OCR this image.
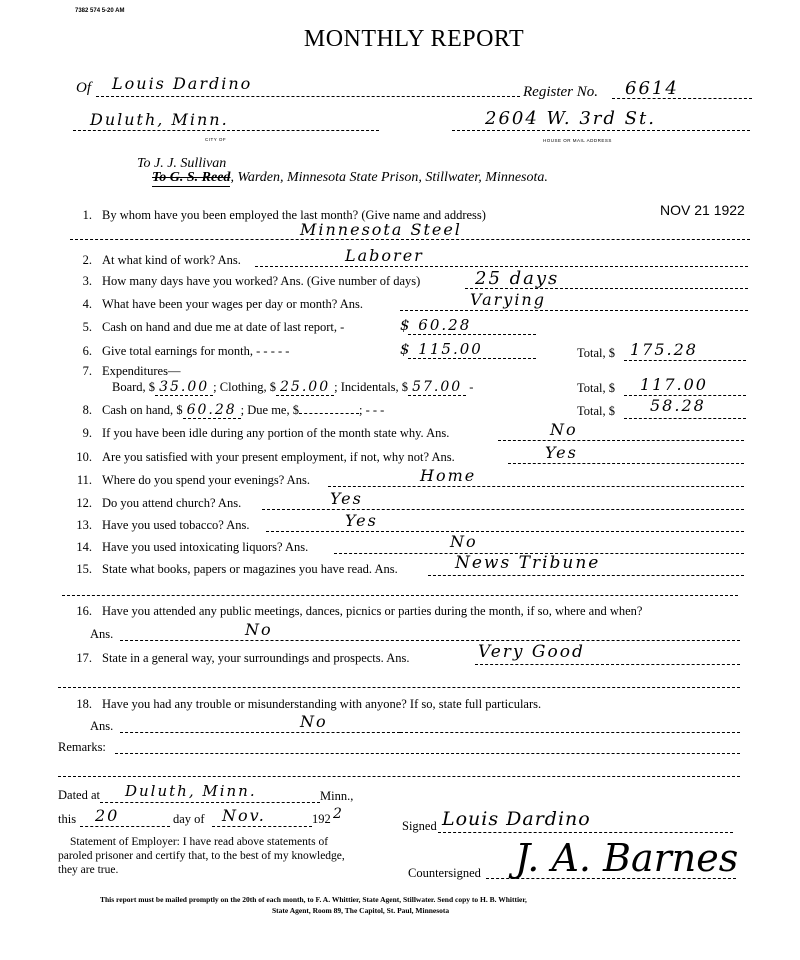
7382 574 5-20 AM
MONTHLY REPORT
Of Louis Dardino	Register No. 6614
Duluth, Minn.
CITY OF
2604 W. 3rd St.
HOUSE OR MAIL ADDRESS
To J. J. Sullivan
To G. S. Reed, Warden, Minnesota State Prison, Stillwater, Minnesota.
NOV 21 1922
1. By whom have you been employed the last month? (Give name and address)
Minnesota Steel
2. At what kind of work? Ans.	Laborer
3. How many days have you worked? Ans. (Give number of days)	25 days
4. What have been your wages per day or month? Ans.	Varying
5. Cash on hand and due me at date of last report, -	$ 60.28
6. Give total earnings for month, - - - - -	$ 115.00	Total, $ 175.28
7. Expenditures—
Board, $ 35.00 ; Clothing, $ 25.00 ; Incidentals, $ 57.00 -	Total, $ 117.00
8. Cash on hand, $ 60.28 ; Due me, $	; - - -	Total, $ 58.28
9. If you have been idle during any portion of the month state why. Ans.	No
10. Are you satisfied with your present employment, if not, why not? Ans.	Yes
11. Where do you spend your evenings? Ans.	Home
12. Do you attend church? Ans.	Yes
13. Have you used tobacco? Ans.	Yes
14. Have you used intoxicating liquors? Ans.	No
15. State what books, papers or magazines you have read. Ans.	News Tribune
16. Have you attended any public meetings, dances, picnics or parties during the month, if so, where and when?
Ans.	No
17. State in a general way, your surroundings and prospects. Ans.	Very Good
18. Have you had any trouble or misunderstanding with anyone? If so, state full particulars.
Ans.	No
Remarks:
Dated at Duluth, Minn.	Minn.,
this 20	day of Nov.	192 2
Statement of Employer: I have read above statements of paroled prisoner and certify that, to the best of my knowledge, they are true.
Signed Louis Dardino
Countersigned J. A. Barnes
This report must be mailed promptly on the 20th of each month, to F. A. Whittier, State Agent, Stillwater. Send copy to H. B. Whittier,
State Agent, Room 89, The Capitol, St. Paul, Minnesota
